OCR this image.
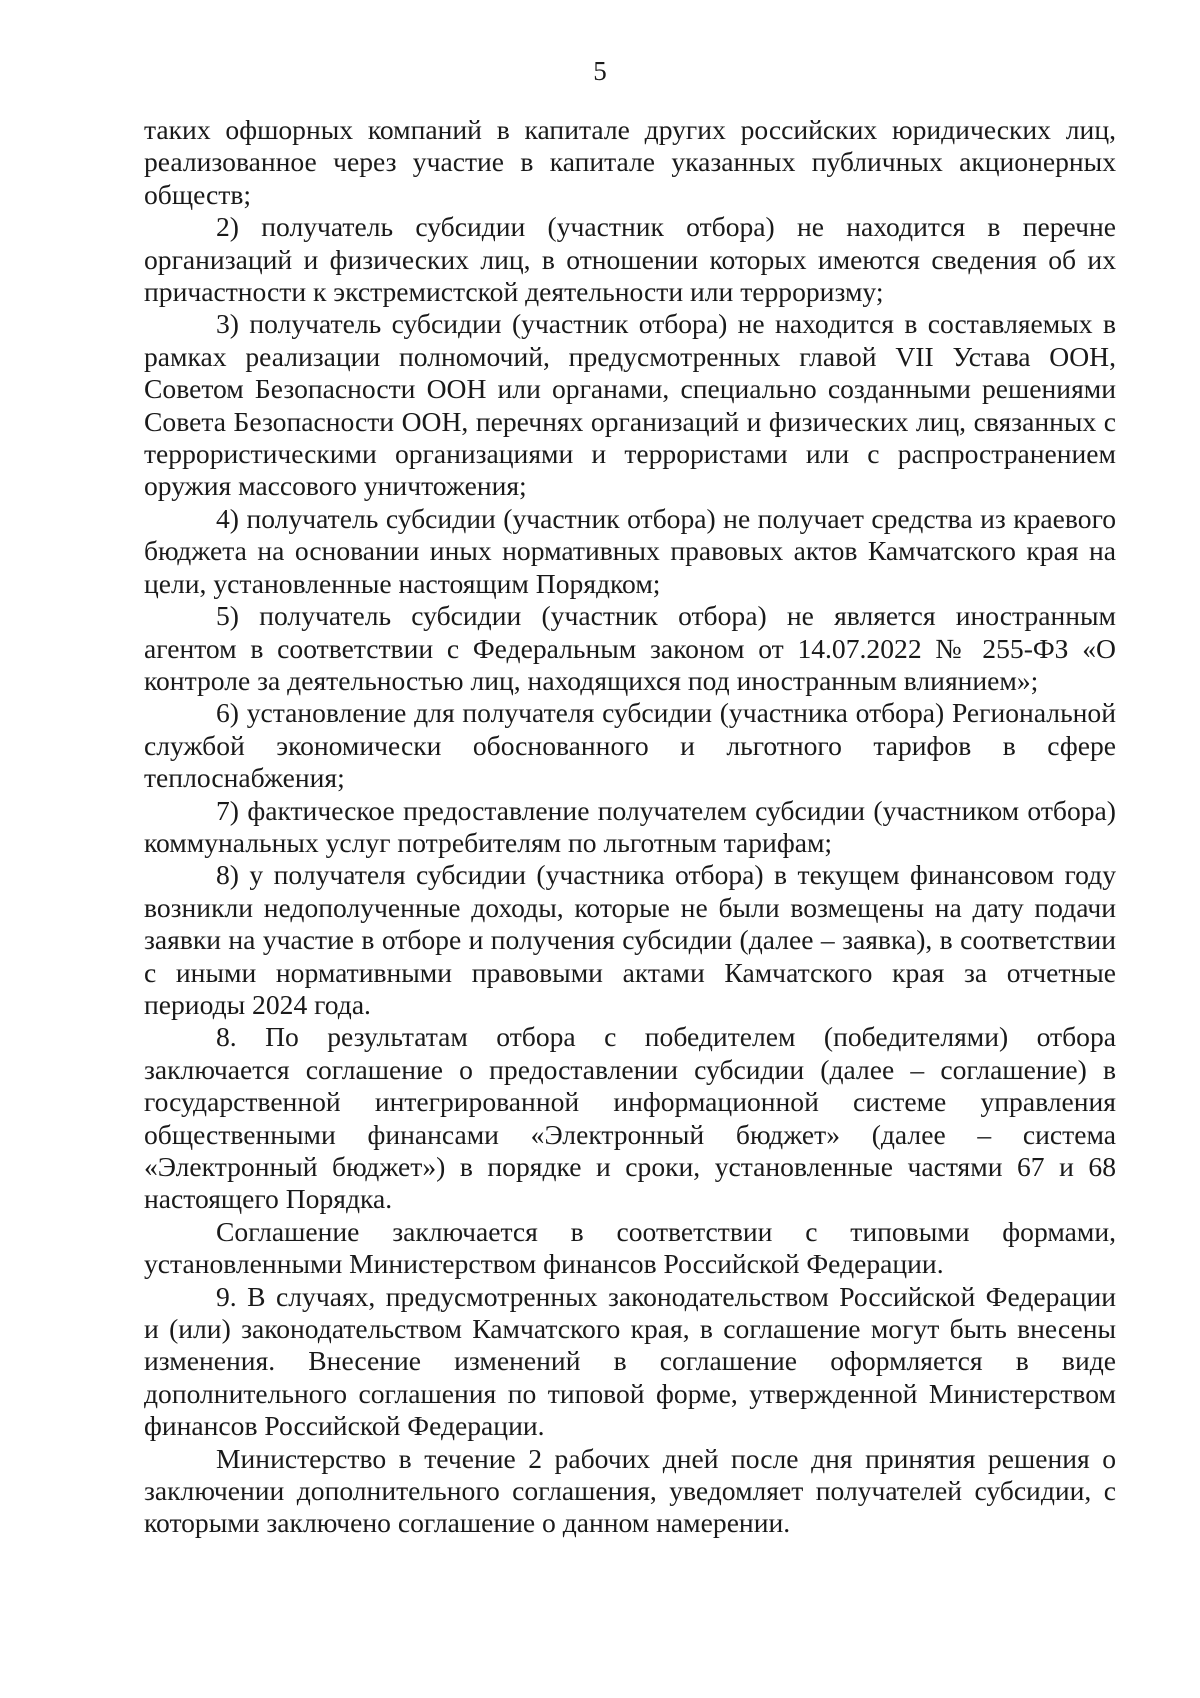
5

таких офшорных компаний в капитале других российских юридических лиц, реализованное через участие в капитале указанных публичных акционерных обществ;

2) получатель субсидии (участник отбора) не находится в перечне организаций и физических лиц, в отношении которых имеются сведения об их причастности к экстремистской деятельности или терроризму;

3) получатель субсидии (участник отбора) не находится в составляемых в рамках реализации полномочий, предусмотренных главой VII Устава ООН, Советом Безопасности ООН или органами, специально созданными решениями Совета Безопасности ООН, перечнях организаций и физических лиц, связанных с террористическими организациями и террористами или с распространением оружия массового уничтожения;

4) получатель субсидии (участник отбора) не получает средства из краевого бюджета на основании иных нормативных правовых актов Камчатского края на цели, установленные настоящим Порядком;

5) получатель субсидии (участник отбора) не является иностранным агентом в соответствии с Федеральным законом от 14.07.2022 № 255-ФЗ «О контроле за деятельностью лиц, находящихся под иностранным влиянием»;

6) установление для получателя субсидии (участника отбора) Региональной службой экономически обоснованного и льготного тарифов в сфере теплоснабжения;

7) фактическое предоставление получателем субсидии (участником отбора) коммунальных услуг потребителям по льготным тарифам;

8) у получателя субсидии (участника отбора) в текущем финансовом году возникли недополученные доходы, которые не были возмещены на дату подачи заявки на участие в отборе и получения субсидии (далее – заявка), в соответствии с иными нормативными правовыми актами Камчатского края за отчетные периоды 2024 года.

8. По результатам отбора с победителем (победителями) отбора заключается соглашение о предоставлении субсидии (далее – соглашение) в государственной интегрированной информационной системе управления общественными финансами «Электронный бюджет» (далее – система «Электронный бюджет») в порядке и сроки, установленные частями 67 и 68 настоящего Порядка.

Соглашение заключается в соответствии с типовыми формами, установленными Министерством финансов Российской Федерации.

9. В случаях, предусмотренных законодательством Российской Федерации и (или) законодательством Камчатского края, в соглашение могут быть внесены изменения. Внесение изменений в соглашение оформляется в виде дополнительного соглашения по типовой форме, утвержденной Министерством финансов Российской Федерации.

Министерство в течение 2 рабочих дней после дня принятия решения о заключении дополнительного соглашения, уведомляет получателей субсидии, с которыми заключено соглашение о данном намерении.
